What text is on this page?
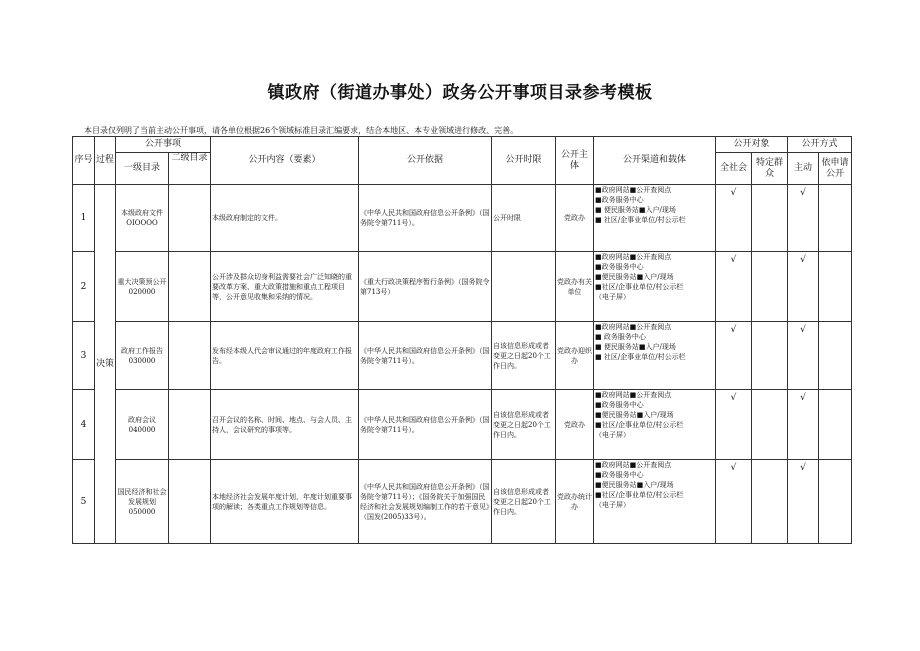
镇政府（街道办事处）政务公开事项目录参考模板
本目录仅列明了当前主动公开事项，请各单位根据26个领域标准目录汇编要求，结合本地区、本专业领域进行修改、完善。
序号	过程	公开事项		公开内容（要素）	公开依据	公开时限	公开主体	公开渠道和载体	公开对象		公开方式	
		一级目录	二级目录						全社会	特定群众	主动	依申请公开

1	决策	本级政府文件OIOOOO		本级政府制定的文件。	《中华人民共和国政府信息公开条例》（国务院令第711号）。	公开时限	党政办	■政府网站■公开查阅点
■政务服务中心
■ 便民服务站■入户/现场
■ 社区/企事业单位/村公示栏	√		√	
2		重大决策预公开020000		公开涉及群众切身利益需要社会广泛知晓的重要改革方案、重大政策措施和重点工程项目等，公开意见收集和采纳的情况。	《重大行政决策程序暂行条例》（国务院令第713号）		党政办有关单位	■政府网站■公开查阅点
■政务服务中心
■便民服务站■入户/现场
■社区/企事业单位/村公示栏
（电子屏）	√		√	
3		政府工作报告030000		发布经本级人代会审议通过的年度政府工作报告。	《中华人民共和国政府信息公开条例》（国务院令第711号）。	自该信息形成或者变更之日起20个工作日内。	党政办迎织办	■政府网站■公开查阅点
■ 政务服务中心
■ 便民服务站■入户/现场
■ 社区/企事业单位/村公示栏	√		√	
4		政府会议040000		召开会议的名称、时间、地点、与会人员、主持人，会议研究的事项等。	《中华人民共和国政府信息公开条例》（国务院令第711号）。	自该信息形成或者变更之日起20个工作日内。	党政办	■政府网站■公开查阅点
■政务服务中心
■便民服务站■入户/现场
■社区/企事业单位/村公示栏
（电子屏）	√		√	
5		国民经济和社会发展规划050000		本地经济社会发展年度计划，年度计划重要事项的解读；各类重点工作规划等信息。	《中华人民共和国政府信息公开条例》（国务院令第711号）；《国务院关于加强国民经济和社会发展规划编制工作的若干意见》（国发(2005)33号）。	自该信息形成或者变更之日起20个工作日内。	党政办统计办	■政府网站■公开查阅点
■政务服务中心
■便民服务站■入户/现场
■社区/企事业单位/村公示栏
（电子屏）	√		√	
